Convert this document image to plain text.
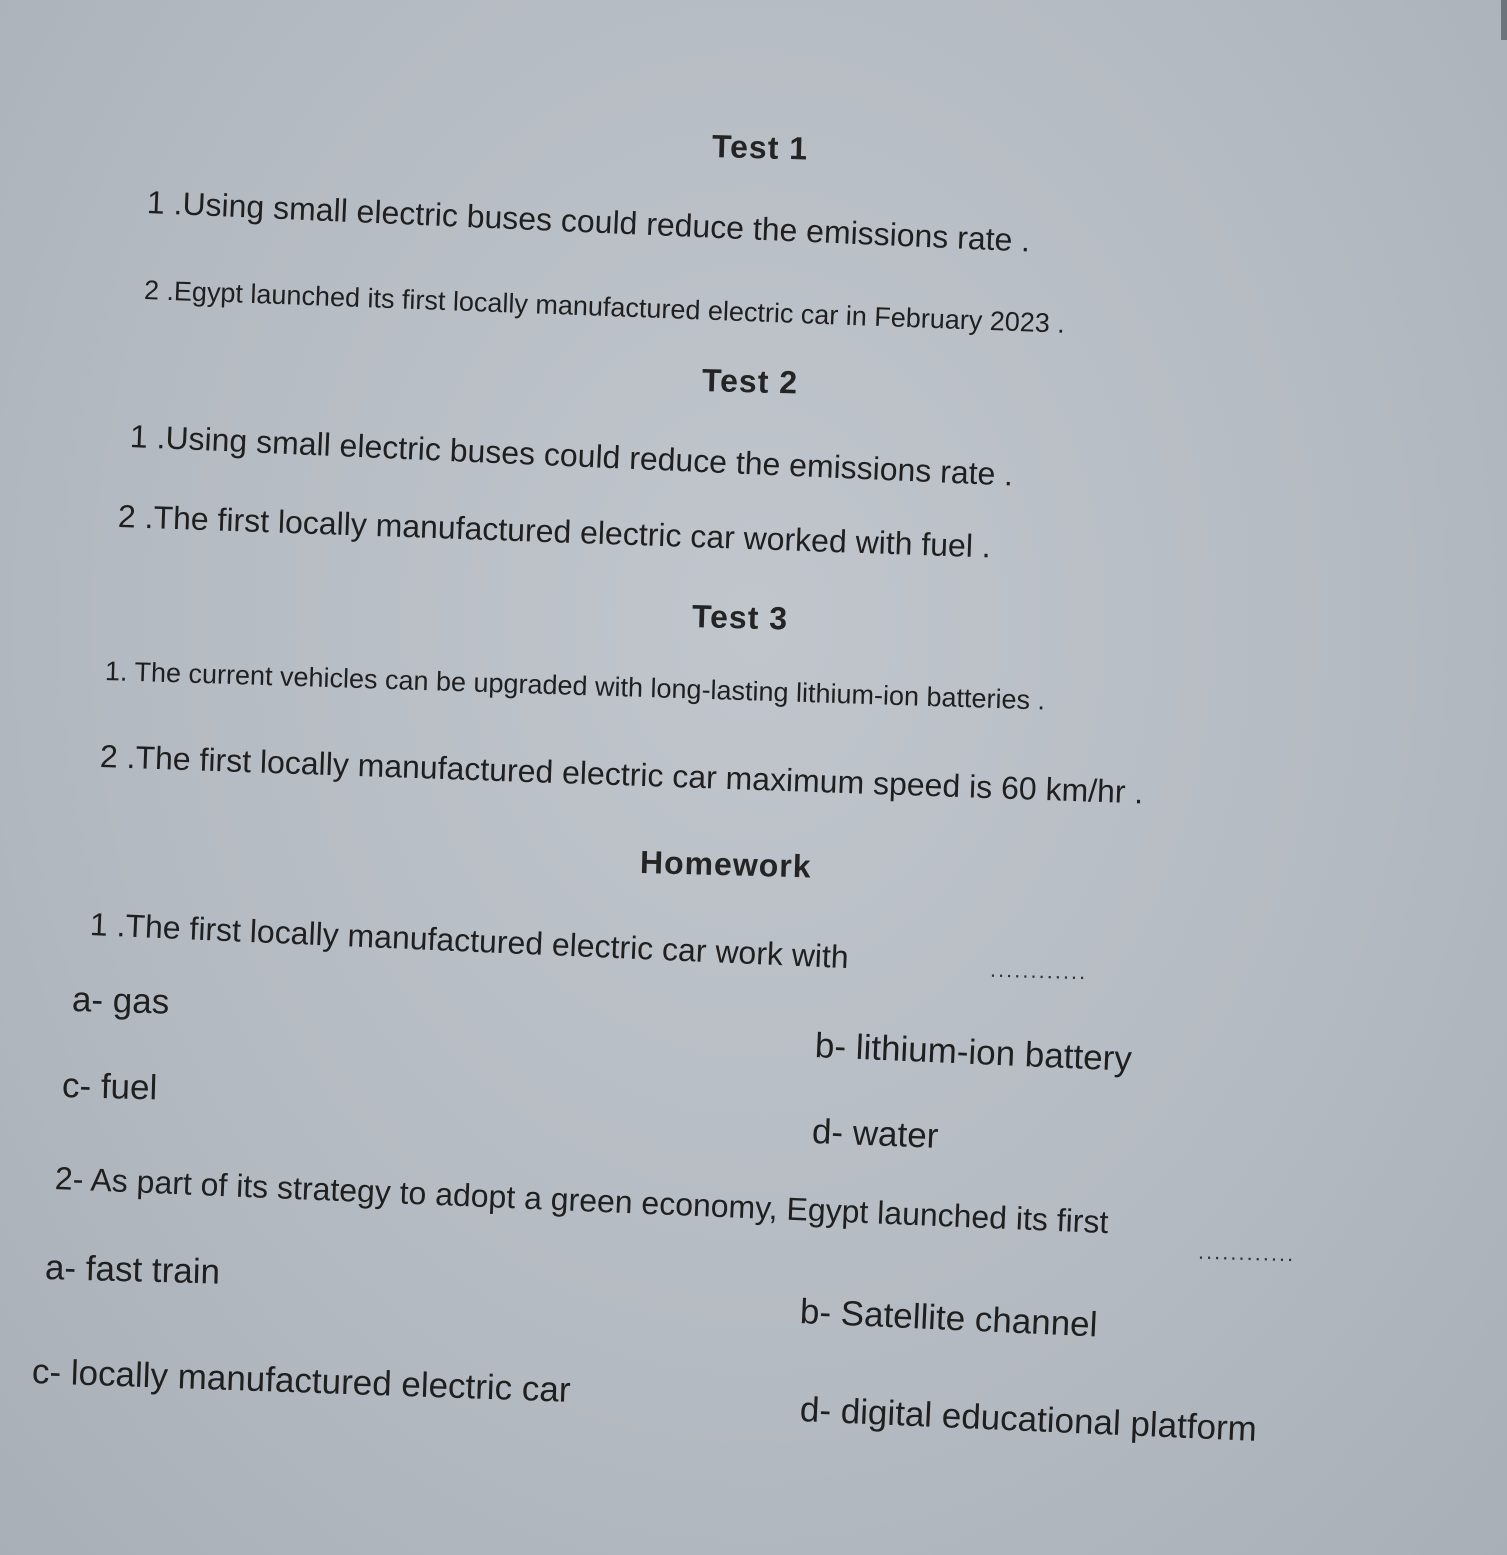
Test 1
1 .Using small electric buses could reduce the emissions rate .
2 .Egypt launched its first locally manufactured electric car in February 2023 .
Test 2
1 .Using small electric buses could reduce the emissions rate .
2 .The first locally manufactured electric car worked with fuel .
Test 3
1. The current vehicles can be upgraded with long-lasting lithium-ion batteries .
2 .The first locally manufactured electric car maximum speed is 60 km/hr .
Homework
1 .The first locally manufactured electric car work with	............
a- gas
b- lithium-ion battery
c- fuel
d- water
2- As part of its strategy to adopt a green economy, Egypt launched its first
............
a- fast train
b- Satellite channel
c- locally manufactured electric car
d- digital educational platform
